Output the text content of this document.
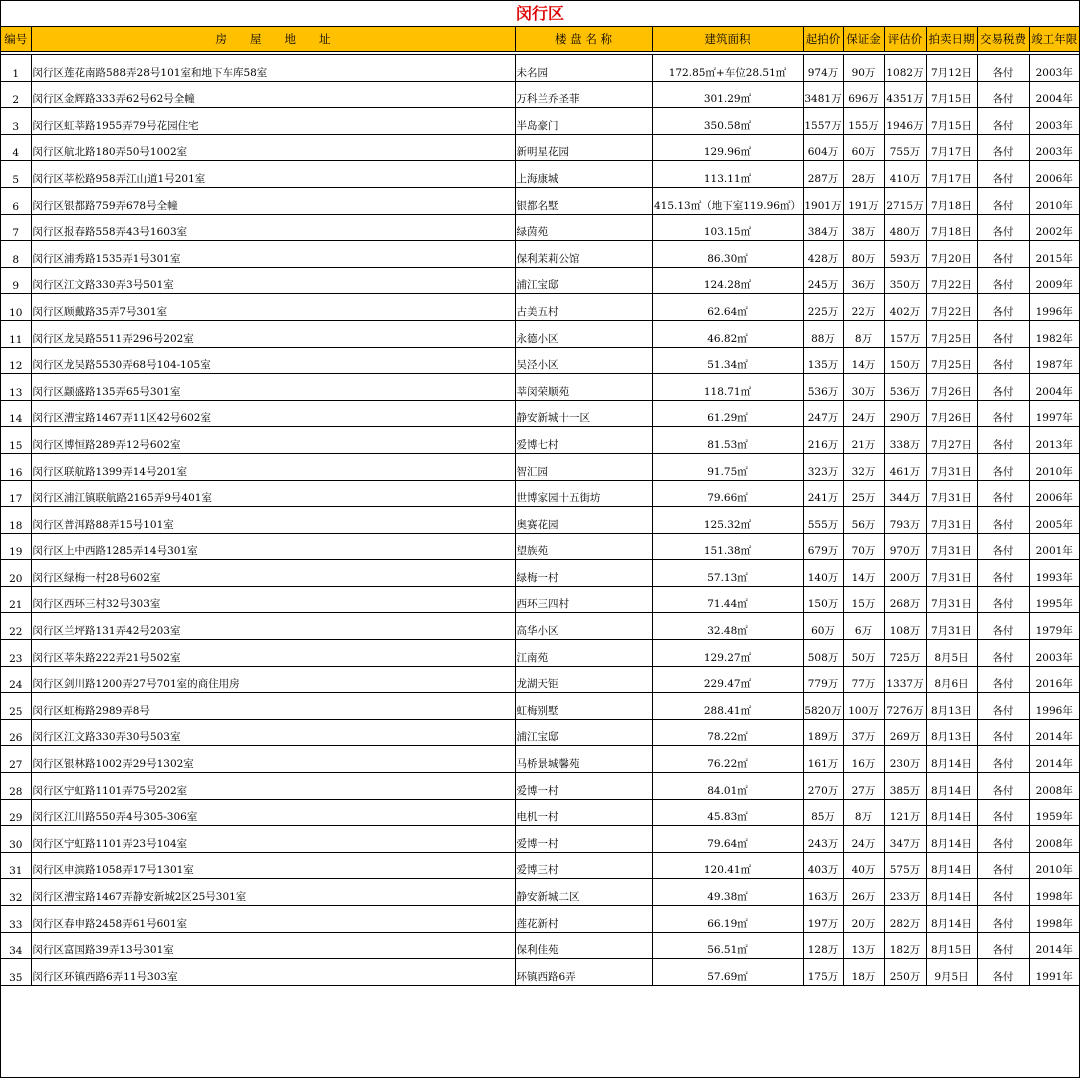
闵行区
编号	房　　屋　　地　　址	楼 盘 名 称	建筑面积	起拍价	保证金	评估价	拍卖日期	交易税费	竣工年限

1	闵行区莲花南路588弄28号101室和地下车库58室	未名园	172.85㎡+车位28.51㎡	974万	90万	1082万	7月12日	各付	2003年
2	闵行区金辉路333弄62号62号全幢	万科兰乔圣菲	301.29㎡	3481万	696万	4351万	7月15日	各付	2004年
3	闵行区虹莘路1955弄79号花园住宅	半岛豪门	350.58㎡	1557万	155万	1946万	7月15日	各付	2003年
4	闵行区航北路180弄50号1002室	新明星花园	129.96㎡	604万	60万	755万	7月17日	各付	2003年
5	闵行区莘松路958弄江山道1号201室	上海康城	113.11㎡	287万	28万	410万	7月17日	各付	2006年
6	闵行区银都路759弄678号全幢	银都名墅	415.13㎡（地下室119.96㎡）	1901万	191万	2715万	7月18日	各付	2010年
7	闵行区报春路558弄43号1603室	绿茵苑	103.15㎡	384万	38万	480万	7月18日	各付	2002年
8	闵行区浦秀路1535弄1号301室	保利茉莉公馆	86.30㎡	428万	80万	593万	7月20日	各付	2015年
9	闵行区江文路330弄3号501室	浦江宝邸	124.28㎡	245万	36万	350万	7月22日	各付	2009年
10	闵行区顾戴路35弄7号301室	古美五村	62.64㎡	225万	22万	402万	7月22日	各付	1996年
11	闵行区龙吴路5511弄296号202室	永德小区	46.82㎡	88万	8万	157万	7月25日	各付	1982年
12	闵行区龙吴路5530弄68号104-105室	吴泾小区	51.34㎡	135万	14万	150万	7月25日	各付	1987年
13	闵行区颛盛路135弄65号301室	莘闵荣顺苑	118.71㎡	536万	30万	536万	7月26日	各付	2004年
14	闵行区漕宝路1467弄11区42号602室	静安新城十一区	61.29㎡	247万	24万	290万	7月26日	各付	1997年
15	闵行区博恒路289弄12号602室	爱博七村	81.53㎡	216万	21万	338万	7月27日	各付	2013年
16	闵行区联航路1399弄14号201室	智汇园	91.75㎡	323万	32万	461万	7月31日	各付	2010年
17	闵行区浦江镇联航路2165弄9号401室	世博家园十五街坊	79.66㎡	241万	25万	344万	7月31日	各付	2006年
18	闵行区普洱路88弄15号101室	奥赛花园	125.32㎡	555万	56万	793万	7月31日	各付	2005年
19	闵行区上中西路1285弄14号301室	望族苑	151.38㎡	679万	70万	970万	7月31日	各付	2001年
20	闵行区绿梅一村28号602室	绿梅一村	57.13㎡	140万	14万	200万	7月31日	各付	1993年
21	闵行区西环三村32号303室	西环三四村	71.44㎡	150万	15万	268万	7月31日	各付	1995年
22	闵行区兰坪路131弄42号203室	高华小区	32.48㎡	60万	6万	108万	7月31日	各付	1979年
23	闵行区莘朱路222弄21号502室	江南苑	129.27㎡	508万	50万	725万	8月5日	各付	2003年
24	闵行区剑川路1200弄27号701室的商住用房	龙湖天钜	229.47㎡	779万	77万	1337万	8月6日	各付	2016年
25	闵行区虹梅路2989弄8号	虹梅别墅	288.41㎡	5820万	100万	7276万	8月13日	各付	1996年
26	闵行区江文路330弄30号503室	浦江宝邸	78.22㎡	189万	37万	269万	8月13日	各付	2014年
27	闵行区银林路1002弄29号1302室	马桥景城馨苑	76.22㎡	161万	16万	230万	8月14日	各付	2014年
28	闵行区宁虹路1101弄75号202室	爱博一村	84.01㎡	270万	27万	385万	8月14日	各付	2008年
29	闵行区江川路550弄4号305-306室	电机一村	45.83㎡	85万	8万	121万	8月14日	各付	1959年
30	闵行区宁虹路1101弄23号104室	爱博一村	79.64㎡	243万	24万	347万	8月14日	各付	2008年
31	闵行区申滨路1058弄17号1301室	爱博三村	120.41㎡	403万	40万	575万	8月14日	各付	2010年
32	闵行区漕宝路1467弄静安新城2区25号301室	静安新城二区	49.38㎡	163万	26万	233万	8月14日	各付	1998年
33	闵行区春申路2458弄61号601室	莲花新村	66.19㎡	197万	20万	282万	8月14日	各付	1998年
34	闵行区富国路39弄13号301室	保利佳苑	56.51㎡	128万	13万	182万	8月15日	各付	2014年
35	闵行区环镇西路6弄11号303室	环镇西路6弄	57.69㎡	175万	18万	250万	9月5日	各付	1991年
